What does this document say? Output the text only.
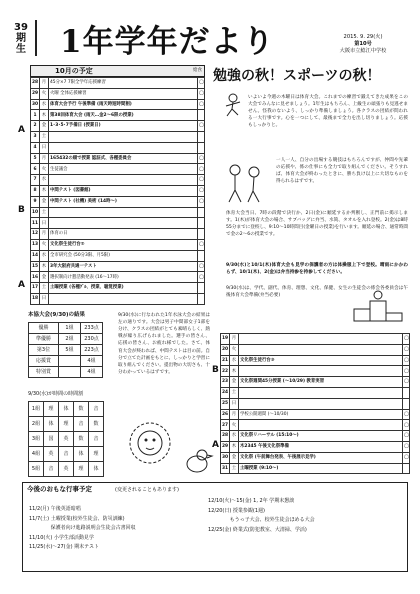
39
期
生 1年学年だより	2015. 9. 29(火)
第10号
大阪市立鯰江中学校
10月の予定	給食
28	月	45分×7 7限全学年応援練習	◯
29	火	火曜 全体応援練習	◯
30	水	体育大会予行 午後準備 (雨天時短時間割)	◯
1	木	第38回体育大会 (雨天…金2～6限の授業)	
2	金	1･3･5･7予備日 (授業日)	◯
3	土		
4	日		
5	月	165432の順で授業 認証式、各種委員会	◯
6	火	生徒議会	◯
7	水		◯
8	木	中間テスト (図書館)	◯
9	金	中間テスト (社機) 美術 (14時〜)	◯
10	土		
11	日		
12	月	体育の日	
13	火	文化祭生徒行台②	◯
14	水	全市研究会 (50分3限、月5限)	
15	木	3年大阪府共通一テスト	◯
16	金	選択制向け懇活動発表 (16〜17時)	◯
17	土	土曜授業 (各種ｸﾞﾙ、授業、聴覚授業)	
18	日		
A
B
A
勉強の秋！スポーツの秋！
いよいよ今週の木曜日は体育大会。これまでの練習で鍛えてきた成果をこの大会でみんなに見せましょう。1年生はもちろん、上級生の頑張りも見逃せません。怪我のないよう、しっかり準備しましょう。各クラスの団結が問われる一大行事です。心を一つにして、最後まで全力を出し切りましょう。応援もしっかりと。
一人一人、自分の出場する競技はもちろんですが、仲間や先輩の応援や、係の仕事にも全力で取り組んでください。そうすれば、体育大会が終わったときに、勝ち負け以上に大切なものを得られるはずです。
体育大会当日、7時の段階で決行か、2日(金)に順延するか判断し、正門前に掲示します。1(木)が体育大会の場合、サブバッグに弁当、水筒、タオルを入れ登校。2(金)は8時55分までに登校し、9:10〜10時間目(金曜日の授業)を行います。順延の場合、通常時間で金の2〜6の授業です。
9/30(水)と10/1(木)体育大会も見学の保護者の方は体操服上下で登校。晴雨にかかわらず、10/1(木)、2(金)は弁当持参を持参してください。
9/30(水)は、学代、副代、体育、理想、文化、保健、女生の生徒会の係会各委員会は午後体育大会準備(弁当必要)
19	月		◯
20	火		◯
21	水	文化祭生徒行台③	◯
22	木		◯
23	金	文化祭週間45分授業 (〜10/29) 教育実習	◯
24	土		
25	日		
26	月	学校公開週間 (〜10/30)	◯
27	火		◯
28	水	文化祭リハーサル (15:10〜)	◯
29	木	木2345 午後文化祭準備	◯
30	金	文化祭 (午前舞台発表、午後展示見学)	◯
31	土	土曜授業 (9:10〜)	
B
A
本協大会(9/30)の結果
優勝	1組	233点
準優勝	2組	230点
第3位	5組	223点
応援賞		4組
特別賞		4組
9/30(水)に行なわれた1年水泳大会の結果は左の通りです。大会は男子中間部女子1部を分け、クラスの団結がとても素晴らしく、熱戦が繰り広げられました。選手の皆さん、応援の皆さん、お疲れ様でした。さて、体育大会が終われば、中間テストは目の前。自分で立てた計画をもとに、しっかりと学習に取り組んでください。提出物の大切さも、十分わかっているはずです。
9/30(水)が時間の時間割
1組	理	体	数	音
2組	体	理	音	数
3組	国	英	数	音
4組	英	音	体	理
5組	音	英	理	体
今後のおもな行事予定	(変更されることもあります)
11/2(月) 午後英語暗唱
11/7(土) 土曜授業(校外生徒会、防災訓練)
　　　　 保護者向け進路説明会生徒会古書回収
11/10(火) 小学生部活動見学
11/25(水)〜27(金) 期末テスト
12/10(火)〜15(金) 1, 2年 学期末懇談
12/20(日) 授業参観(1週)
　　　　 もうっ子大会、校外生徒会ほめる大会
12/25(金) 終業式(防犯教室、大清掃、学活)
